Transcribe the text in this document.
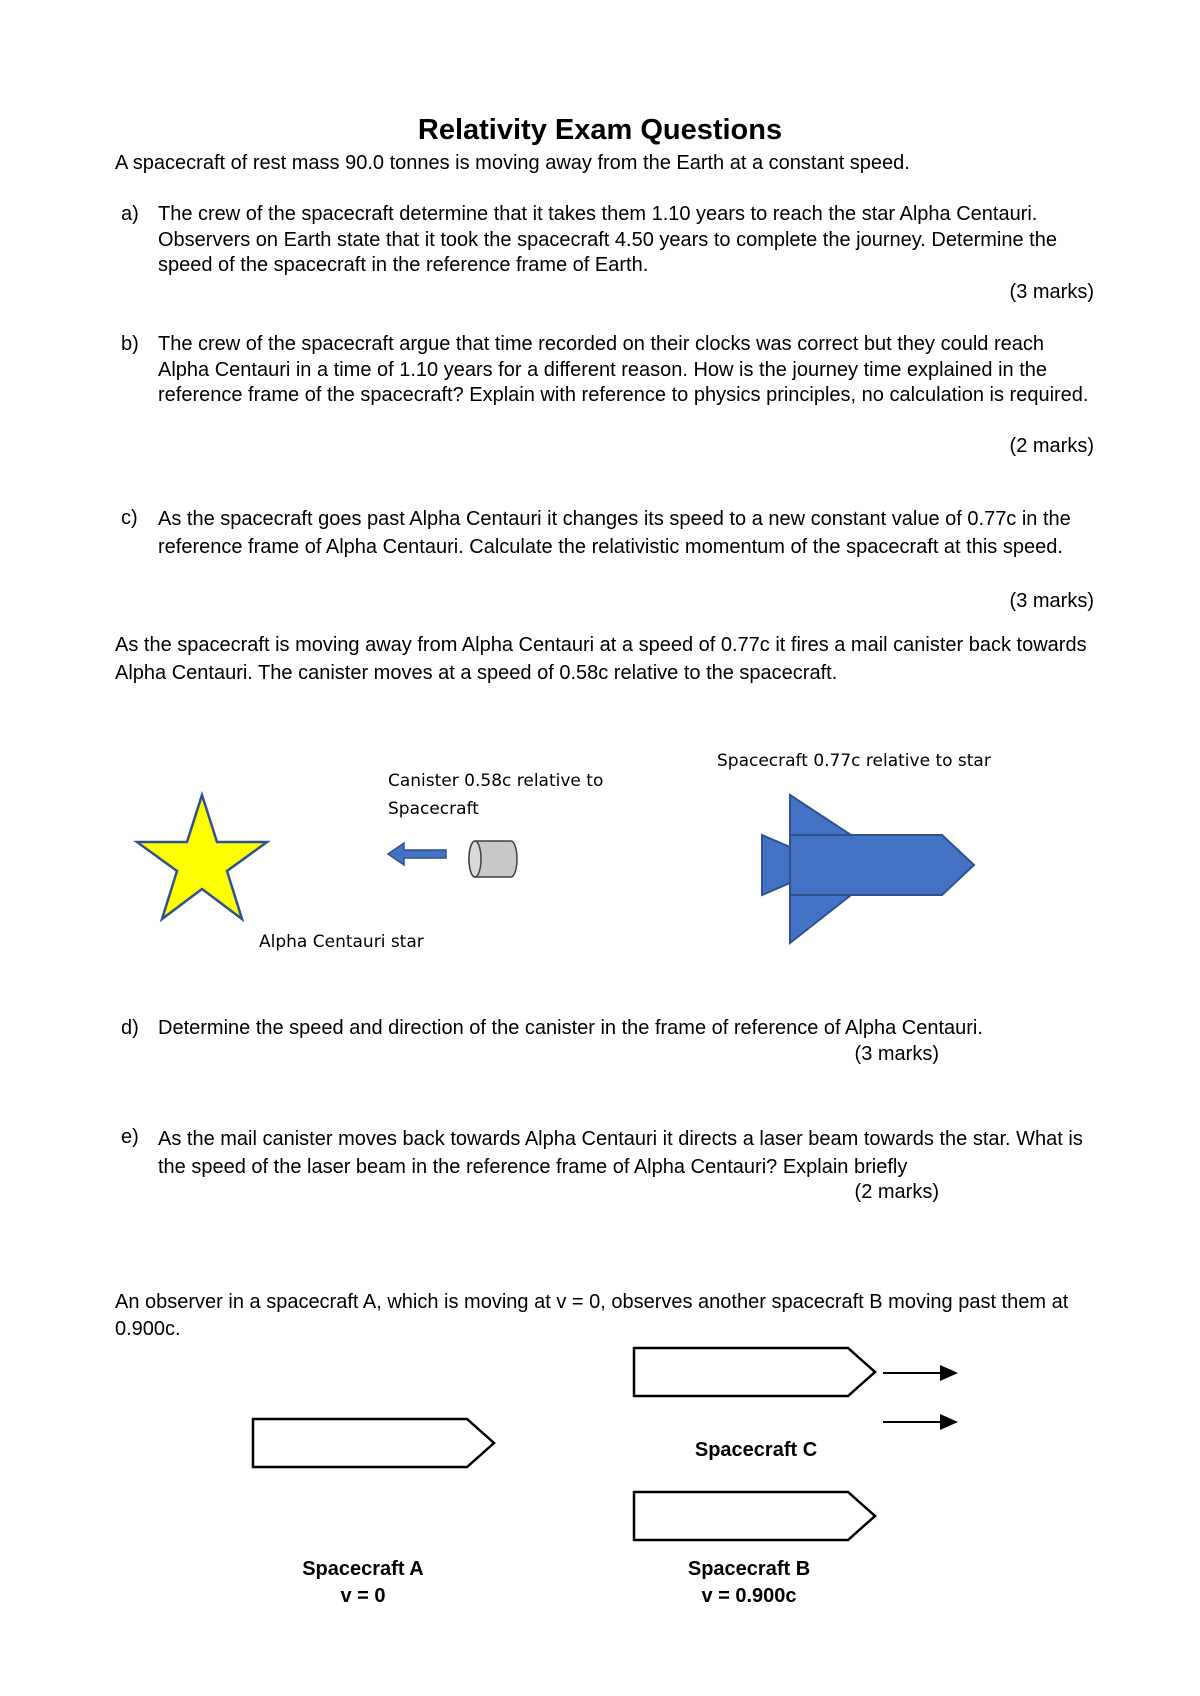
Relativity Exam Questions
A spacecraft of rest mass 90.0 tonnes is moving away from the Earth at a constant speed.
a) The crew of the spacecraft determine that it takes them 1.10 years to reach the star Alpha Centauri. Observers on Earth state that it took the spacecraft 4.50 years to complete the journey. Determine the speed of the spacecraft in the reference frame of Earth.
(3 marks)
b) The crew of the spacecraft argue that time recorded on their clocks was correct but they could reach Alpha Centauri in a time of 1.10 years for a different reason. How is the journey time explained in the reference frame of the spacecraft? Explain with reference to physics principles, no calculation is required.
(2 marks)
c) As the spacecraft goes past Alpha Centauri it changes its speed to a new constant value of 0.77c in the reference frame of Alpha Centauri. Calculate the relativistic momentum of the spacecraft at this speed.
(3 marks)
As the spacecraft is moving away from Alpha Centauri at a speed of 0.77c it fires a mail canister back towards Alpha Centauri. The canister moves at a speed of 0.58c relative to the spacecraft.
Canister 0.58c relative to
Spacecraft
Spacecraft 0.77c relative to star
Alpha Centauri star
d) Determine the speed and direction of the canister in the frame of reference of Alpha Centauri.
(3 marks)
e) As the mail canister moves back towards Alpha Centauri it directs a laser beam towards the star. What is the speed of the laser beam in the reference frame of Alpha Centauri? Explain briefly
(2 marks)
An observer in a spacecraft A, which is moving at v = 0, observes another spacecraft B moving past them at 0.900c.
Spacecraft C
Spacecraft A
v = 0
Spacecraft B
v = 0.900c
